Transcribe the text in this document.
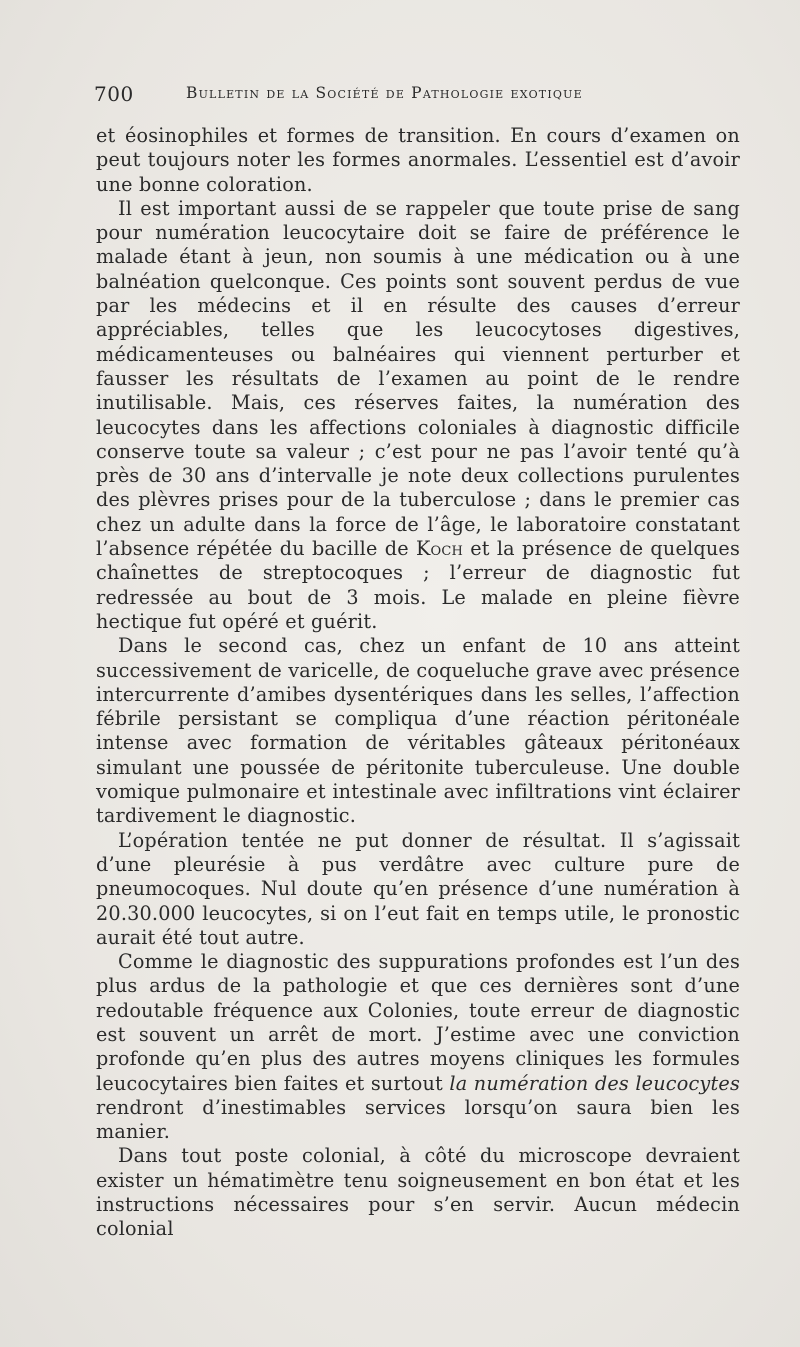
700	Bulletin de la Société de Pathologie exotique

et éosinophiles et formes de transition. En cours d’examen on peut toujours noter les formes anormales. L’essentiel est d’avoir une bonne coloration.

Il est important aussi de se rappeler que toute prise de sang pour numération leucocytaire doit se faire de préférence le malade étant à jeun, non soumis à une médication ou à une balnéation quelconque. Ces points sont souvent perdus de vue par les médecins et il en résulte des causes d’erreur appréciables, telles que les leucocytoses digestives, médicamenteuses ou balnéaires qui viennent perturber et fausser les résultats de l’examen au point de le rendre inutilisable. Mais, ces réserves faites, la numération des leucocytes dans les affections coloniales à diagnostic difficile conserve toute sa valeur ; c’est pour ne pas l’avoir tenté qu’à près de 30 ans d’intervalle je note deux collections purulentes des plèvres prises pour de la tuberculose ; dans le premier cas chez un adulte dans la force de l’âge, le laboratoire constatant l’absence répétée du bacille de Koch et la présence de quelques chaînettes de streptocoques ; l’erreur de diagnostic fut redressée au bout de 3 mois. Le malade en pleine fièvre hectique fut opéré et guérit.

Dans le second cas, chez un enfant de 10 ans atteint successivement de varicelle, de coqueluche grave avec présence intercurrente d’amibes dysentériques dans les selles, l’affection fébrile persistant se compliqua d’une réaction péritonéale intense avec formation de véritables gâteaux péritonéaux simulant une poussée de péritonite tuberculeuse. Une double vomique pulmonaire et intestinale avec infiltrations vint éclairer tardivement le diagnostic.

L’opération tentée ne put donner de résultat. Il s’agissait d’une pleurésie à pus verdâtre avec culture pure de pneumocoques. Nul doute qu’en présence d’une numération à 20.30.000 leucocytes, si on l’eut fait en temps utile, le pronostic aurait été tout autre.

Comme le diagnostic des suppurations profondes est l’un des plus ardus de la pathologie et que ces dernières sont d’une redoutable fréquence aux Colonies, toute erreur de diagnostic est souvent un arrêt de mort. J’estime avec une conviction profonde qu’en plus des autres moyens cliniques les formules leucocytaires bien faites et surtout la numération des leucocytes rendront d’inestimables services lorsqu’on saura bien les manier.

Dans tout poste colonial, à côté du microscope devraient exister un hématimètre tenu soigneusement en bon état et les instructions nécessaires pour s’en servir. Aucun médecin colonial
